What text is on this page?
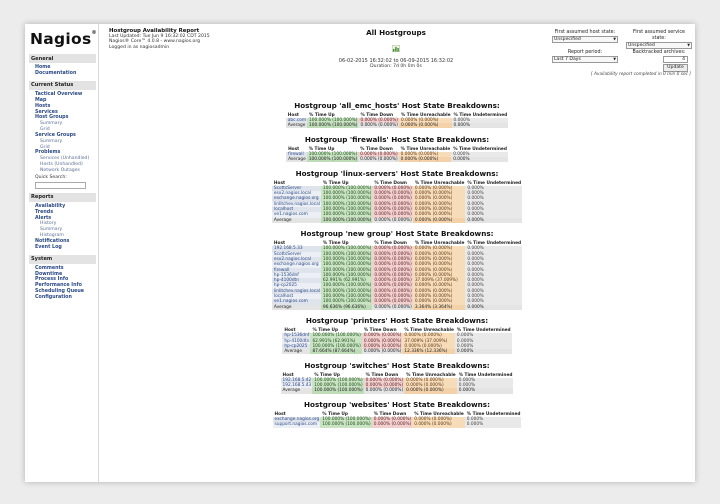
Nagios®
General
Home
Documentation
Current Status
Tactical Overview
Map
Hosts
Services
Host Groups
Summary
Grid
Service Groups
Summary
Grid
Problems
Services (Unhandled)
Hosts (Unhandled)
Network Outages
Quick Search:
Reports
Availability
Trends
Alerts
History
Summary
Histogram
Notifications
Event Log
System
Comments
Downtime
Process Info
Performance Info
Scheduling Queue
Configuration
Hostgroup Availability Report
Last Updated: Tue Jun 9 16:32:02 CDT 2015
Nagios® Core™ 4.0.8 - www.nagios.org
Logged in as nagiosadmin
All Hostgroups
06-02-2015 16:32:02 to 06-09-2015 16:32:02
Duration: 7d 0h 0m 0s
First assumed host state:
Unspecified	▼
First assumed service state:
Unspecified	▼
Report period:
Last 7 Days	▼
Backtracked archives:
4
Update
[ Availability report completed in 0 min 0 sec ]
Hostgroup 'all_emc_hosts' Host State Breakdowns:
Host	% Time Up	% Time Down	% Time Unreachable	% Time Undetermined
abc.com	100.000% (100.000%)	0.000% (0.000%)	0.000% (0.000%)	0.000%
Average	100.000% (100.000%)	0.000% (0.000%)	0.000% (0.000%)	0.000%
Hostgroup 'firewalls' Host State Breakdowns:
Host	% Time Up	% Time Down	% Time Unreachable	% Time Undetermined
firewall	100.000% (100.000%)	0.000% (0.000%)	0.000% (0.000%)	0.000%
Average	100.000% (100.000%)	0.000% (0.000%)	0.000% (0.000%)	0.000%
Hostgroup 'linux-servers' Host State Breakdowns:
Host	% Time Up	% Time Down	% Time Unreachable	% Time Undetermined
ScottsServer	100.000% (100.000%)	0.000% (0.000%)	0.000% (0.000%)	0.000%
esx2.nagios.local	100.000% (100.000%)	0.000% (0.000%)	0.000% (0.000%)	0.000%
exchange.nagios.org	100.000% (100.000%)	0.000% (0.000%)	0.000% (0.000%)	0.000%
linlitchev.nagios.local	100.000% (100.000%)	0.000% (0.000%)	0.000% (0.000%)	0.000%
localhost	100.000% (100.000%)	0.000% (0.000%)	0.000% (0.000%)	0.000%
ve1.nagios.com	100.000% (100.000%)	0.000% (0.000%)	0.000% (0.000%)	0.000%
Average	100.000% (100.000%)	0.000% (0.000%)	0.000% (0.000%)	0.000%
Hostgroup 'new group' Host State Breakdowns:
Host	% Time Up	% Time Down	% Time Unreachable	% Time Undetermined
192.168.5.33	100.000% (100.000%)	0.000% (0.000%)	0.000% (0.000%)	0.000%
ScottsServer	100.000% (100.000%)	0.000% (0.000%)	0.000% (0.000%)	0.000%
esx2.nagios.local	100.000% (100.000%)	0.000% (0.000%)	0.000% (0.000%)	0.000%
exchange.nagios.org	100.000% (100.000%)	0.000% (0.000%)	0.000% (0.000%)	0.000%
firewall	100.000% (100.000%)	0.000% (0.000%)	0.000% (0.000%)	0.000%
hp-1536dnf	100.000% (100.000%)	0.000% (0.000%)	0.000% (0.000%)	0.000%
hp-4100dtn	62.991% (62.991%)	0.000% (0.000%)	37.009% (37.009%)	0.000%
hp-cp2025	100.000% (100.000%)	0.000% (0.000%)	0.000% (0.000%)	0.000%
linlitchev.nagios.local	100.000% (100.000%)	0.000% (0.000%)	0.000% (0.000%)	0.000%
localhost	100.000% (100.000%)	0.000% (0.000%)	0.000% (0.000%)	0.000%
ve1.nagios.com	100.000% (100.000%)	0.000% (0.000%)	0.000% (0.000%)	0.000%
Average	96.636% (96.636%)	0.000% (0.000%)	3.364% (3.364%)	0.000%
Hostgroup 'printers' Host State Breakdowns:
Host	% Time Up	% Time Down	% Time Unreachable	% Time Undetermined
hp-1536dnf	100.000% (100.000%)	0.000% (0.000%)	0.000% (0.000%)	0.000%
hp-4100dtn	62.991% (62.991%)	0.000% (0.000%)	37.009% (37.009%)	0.000%
hp-cp2025	100.000% (100.000%)	0.000% (0.000%)	0.000% (0.000%)	0.000%
Average	87.664% (87.664%)	0.000% (0.000%)	12.336% (12.336%)	0.000%
Hostgroup 'switches' Host State Breakdowns:
Host	% Time Up	% Time Down	% Time Unreachable	% Time Undetermined
192.168.5.42	100.000% (100.000%)	0.000% (0.000%)	0.000% (0.000%)	0.000%
192.168.5.43	100.000% (100.000%)	0.000% (0.000%)	0.000% (0.000%)	0.000%
Average	100.000% (100.000%)	0.000% (0.000%)	0.000% (0.000%)	0.000%
Hostgroup 'websites' Host State Breakdowns:
Host	% Time Up	% Time Down	% Time Unreachable	% Time Undetermined
exchange.nagios.org	100.000% (100.000%)	0.000% (0.000%)	0.000% (0.000%)	0.000%
support.nagios.com	100.000% (100.000%)	0.000% (0.000%)	0.000% (0.000%)	0.000%
